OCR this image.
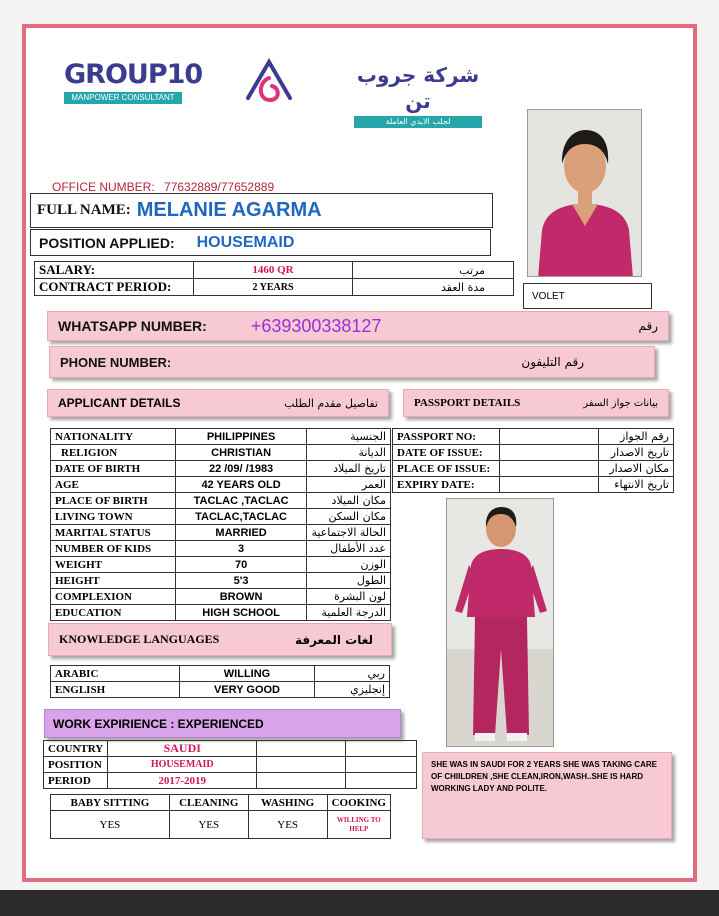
GROUP10
MANPOWER CONSULTANT
شركة جروب تن
لجلب الايدي العاملة
OFFICE NUMBER: 77632889/77652889
FULL NAME: MELANIE AGARMA
POSITION APPLIED: HOUSEMAID
SALARY:	1460 QR	مرتب
CONTRACT PERIOD:	2 YEARS	مدة العقد
VOLET
WHATSAPP NUMBER: +639300338127	رقم
PHONE NUMBER:	رقم التليفون
APPLICANT DETAILS	تفاصيل مقدم الطلب	PASSPORT DETAILS	بيانات جواز السفر
NATIONALITY	PHILIPPINES	الجنسية
RELIGION	CHRISTIAN	الديانة
DATE OF BIRTH	22 /09/ /1983	تاريخ الميلاد
AGE	42 YEARS OLD	العمر
PLACE OF BIRTH	TACLAC ,TACLAC	مكان الميلاد
LIVING TOWN	TACLAC,TACLAC	مكان السكن
MARITAL STATUS	MARRIED	الحالة الاجتماعية
NUMBER OF KIDS	3	عدد الأطفال
WEIGHT	70	الوزن
HEIGHT	5'3	الطول
COMPLEXION	BROWN	لون البشرة
EDUCATION	HIGH SCHOOL	الدرجة العلمية
PASSPORT NO:		رقم الجواز
DATE OF ISSUE:		تاريخ الاصدار
PLACE OF ISSUE:		مكان الاصدار
EXPIRY DATE:		تاريخ الانتهاء
KNOWLEDGE LANGUAGES	لغات المعرفة
ARABIC	WILLING	ربي
ENGLISH	VERY GOOD	إنجليزي
WORK EXPIRIENCE : EXPERIENCED
COUNTRY	SAUDI		
POSITION	HOUSEMAID		
PERIOD	2017-2019		
BABY SITTING	CLEANING	WASHING	COOKING
YES	YES	YES	WILLING TO HELP
SHE WAS IN SAUDI FOR 2 YEARS SHE WAS TAKING CARE OF CHIILDREN ,SHE CLEAN,IRON,WASH..SHE IS HARD WORKING LADY AND POLITE.
